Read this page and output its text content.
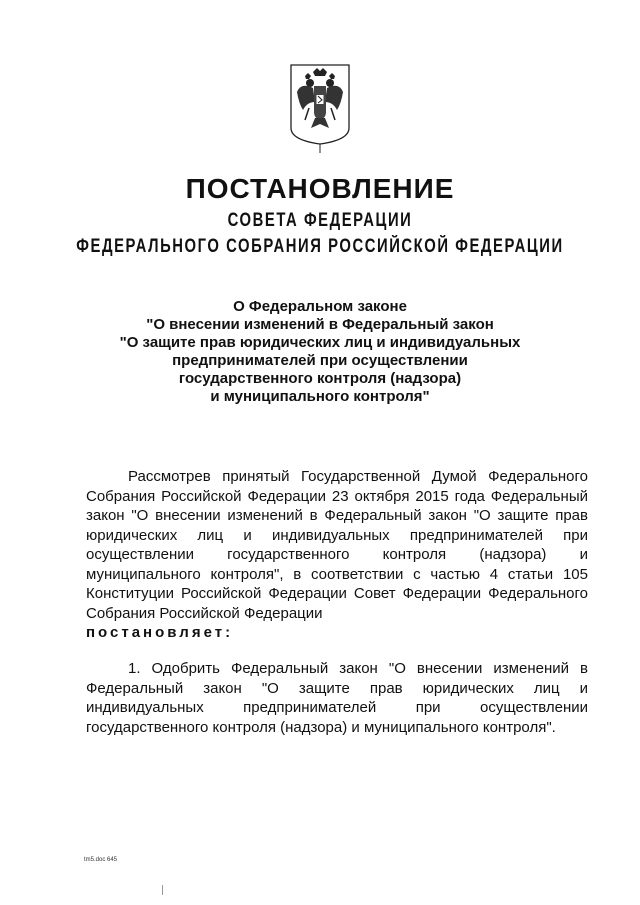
ПОСТАНОВЛЕНИЕ
СОВЕТА ФЕДЕРАЦИИ
ФЕДЕРАЛЬНОГО СОБРАНИЯ РОССИЙСКОЙ ФЕДЕРАЦИИ
О Федеральном законе
"О внесении изменений в Федеральный закон
"О защите прав юридических лиц и индивидуальных
предпринимателей при осуществлении
государственного контроля (надзора)
и муниципального контроля"

Рассмотрев принятый Государственной Думой Федерального Собрания Российской Федерации 23 октября 2015 года Федеральный закон "О внесении изменений в Федеральный закон "О защите прав юридических лиц и индивидуальных предпринимателей при осуществлении государственного контроля (надзора) и муниципального контроля", в соответствии с частью 4 статьи 105 Конституции Российской Федерации Совет Федерации Федерального Собрания Российской Федерации
постановляет:

1. Одобрить Федеральный закон "О внесении изменений в Федеральный закон "О защите прав юридических лиц и индивидуальных предпринимателей при осуществлении государственного контроля (надзора) и муниципального контроля".

tm5.doc 645
